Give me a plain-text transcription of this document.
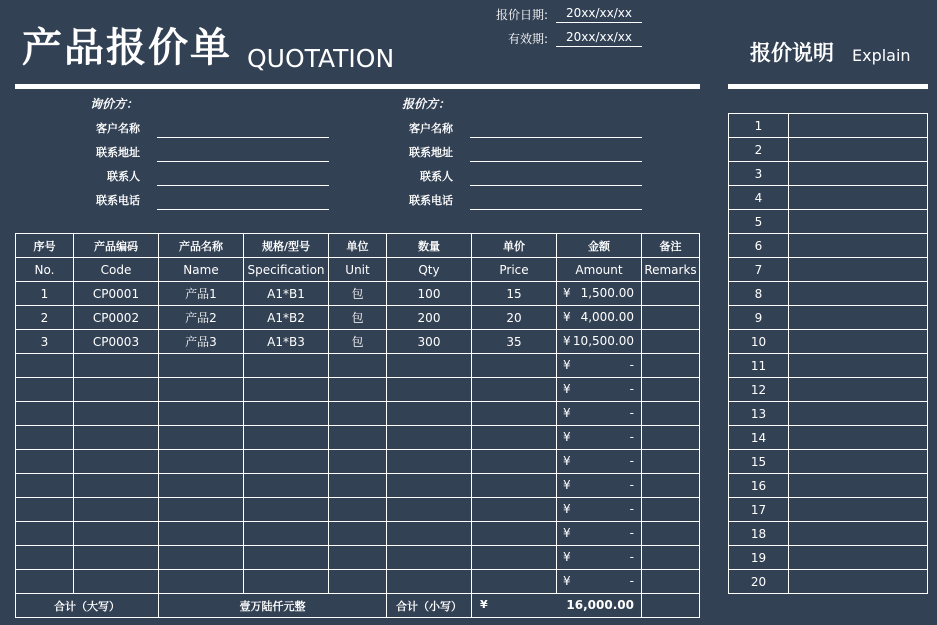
产品报价单 QUOTATION
报价日期:	20xx/xx/xx
有效期:	20xx/xx/xx
报价说明 Explain
询价方：
客户名称
联系地址
联系人
联系电话
报价方：
客户名称
联系地址
联系人
联系电话
序号	产品编码	产品名称	规格/型号	单位	数量	单价	金额	备注
No.	Code	Name	Specification	Unit	Qty	Price	Amount	Remarks
1	CP0001	产品1	A1*B1	包	100	15	¥ 1,500.00	

2	CP0002	产品2	A1*B2	包	200	20	¥ 4,000.00	

3	CP0003	产品3	A1*B3	包	300	35	¥ 10,500.00	

							¥ -	

							¥ -	

							¥ -	

							¥ -	

							¥ -	

							¥ -	

							¥ -	

							¥ -	

							¥ -	

							¥ -	

合计（大写）		壹万陆仟元整			合计（小写）	¥ 16,000.00		

1	
2	
3	
4	
5	
6	
7	
8	
9	
10	
11	
12	
13	
14	
15	
16	
17	
18	
19	
20	
